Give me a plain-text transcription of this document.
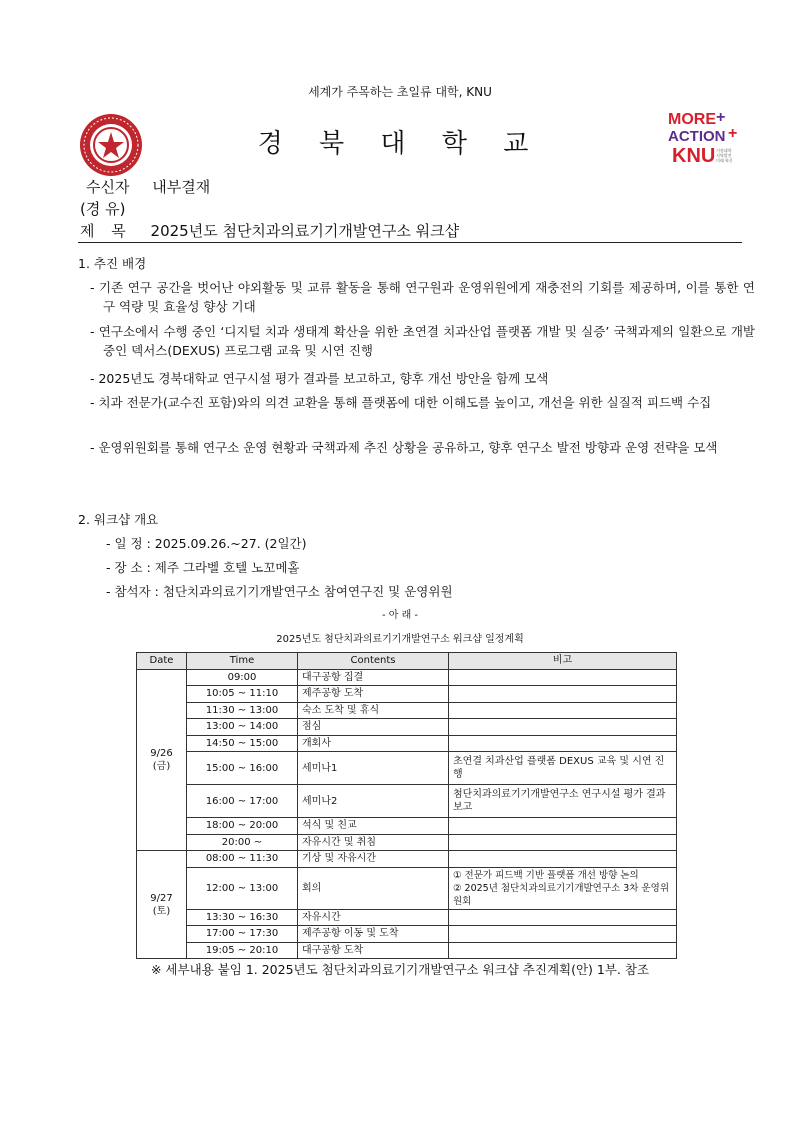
세계가 주목하는 초일류 대학, KNU
경 북 대 학 교
MORE +
ACTION +
KNU 거점대학
지역발전
미래 혁신
수신자 내부결재
(경 유)
제 목 2025년도 첨단치과의료기기개발연구소 워크샵
1. 추진 배경
- 기존 연구 공간을 벗어난 야외활동 및 교류 활동을 통해 연구원과 운영위원에게 재충전의 기회를 제공하며, 이를 통한 연구 역량 및 효율성 향상 기대
- 연구소에서 수행 중인 ‘디지털 치과 생태계 확산을 위한 초연결 치과산업 플랫폼 개발 및 실증’ 국책과제의 일환으로 개발 중인 덱서스(DEXUS) 프로그램 교육 및 시연 진행
- 2025년도 경북대학교 연구시설 평가 결과를 보고하고, 향후 개선 방안을 함께 모색
- 치과 전문가(교수진 포함)와의 의견 교환을 통해 플랫폼에 대한 이해도를 높이고, 개선을 위한 실질적 피드백 수집
- 운영위원회를 통해 연구소 운영 현황과 국책과제 추진 상황을 공유하고, 향후 연구소 발전 방향과 운영 전략을 모색
2. 워크샵 개요
- 일 정 : 2025.09.26.~27. (2일간)
- 장 소 : 제주 그라벨 호텔 노꼬메홀
- 참석자 : 첨단치과의료기기개발연구소 참여연구진 및 운영위원
- 아 래 -
2025년도 첨단치과의료기기개발연구소 워크샵 일정계획
Date	Time	Contents	비고

9/26
(금)	09:00	대구공항 집결	
	10:05 ~ 11:10	제주공항 도착	
	11:30 ~ 13:00	숙소 도착 및 휴식	
	13:00 ~ 14:00	점심	
	14:50 ~ 15:00	개회사	
	15:00 ~ 16:00	세미나1	초연결 치과산업 플랫폼 DEXUS 교육 및 시연 진행
	16:00 ~ 17:00	세미나2	첨단치과의료기기개발연구소 연구시설 평가 결과 보고
	18:00 ~ 20:00	석식 및 친교	
	20:00 ~	자유시간 및 취침	

9/27
(토)	08:00 ~ 11:30	기상 및 자유시간	
	12:00 ~ 13:00	회의	① 전문가 피드백 기반 플랫폼 개선 방향 논의
② 2025년 첨단치과의료기기개발연구소 3차 운영위원회
	13:30 ~ 16:30	자유시간	
	17:00 ~ 17:30	제주공항 이동 및 도착	
	19:05 ~ 20:10	대구공항 도착	
※ 세부내용 붙임 1. 2025년도 첨단치과의료기기개발연구소 워크샵 추진계획(안) 1부. 참조
